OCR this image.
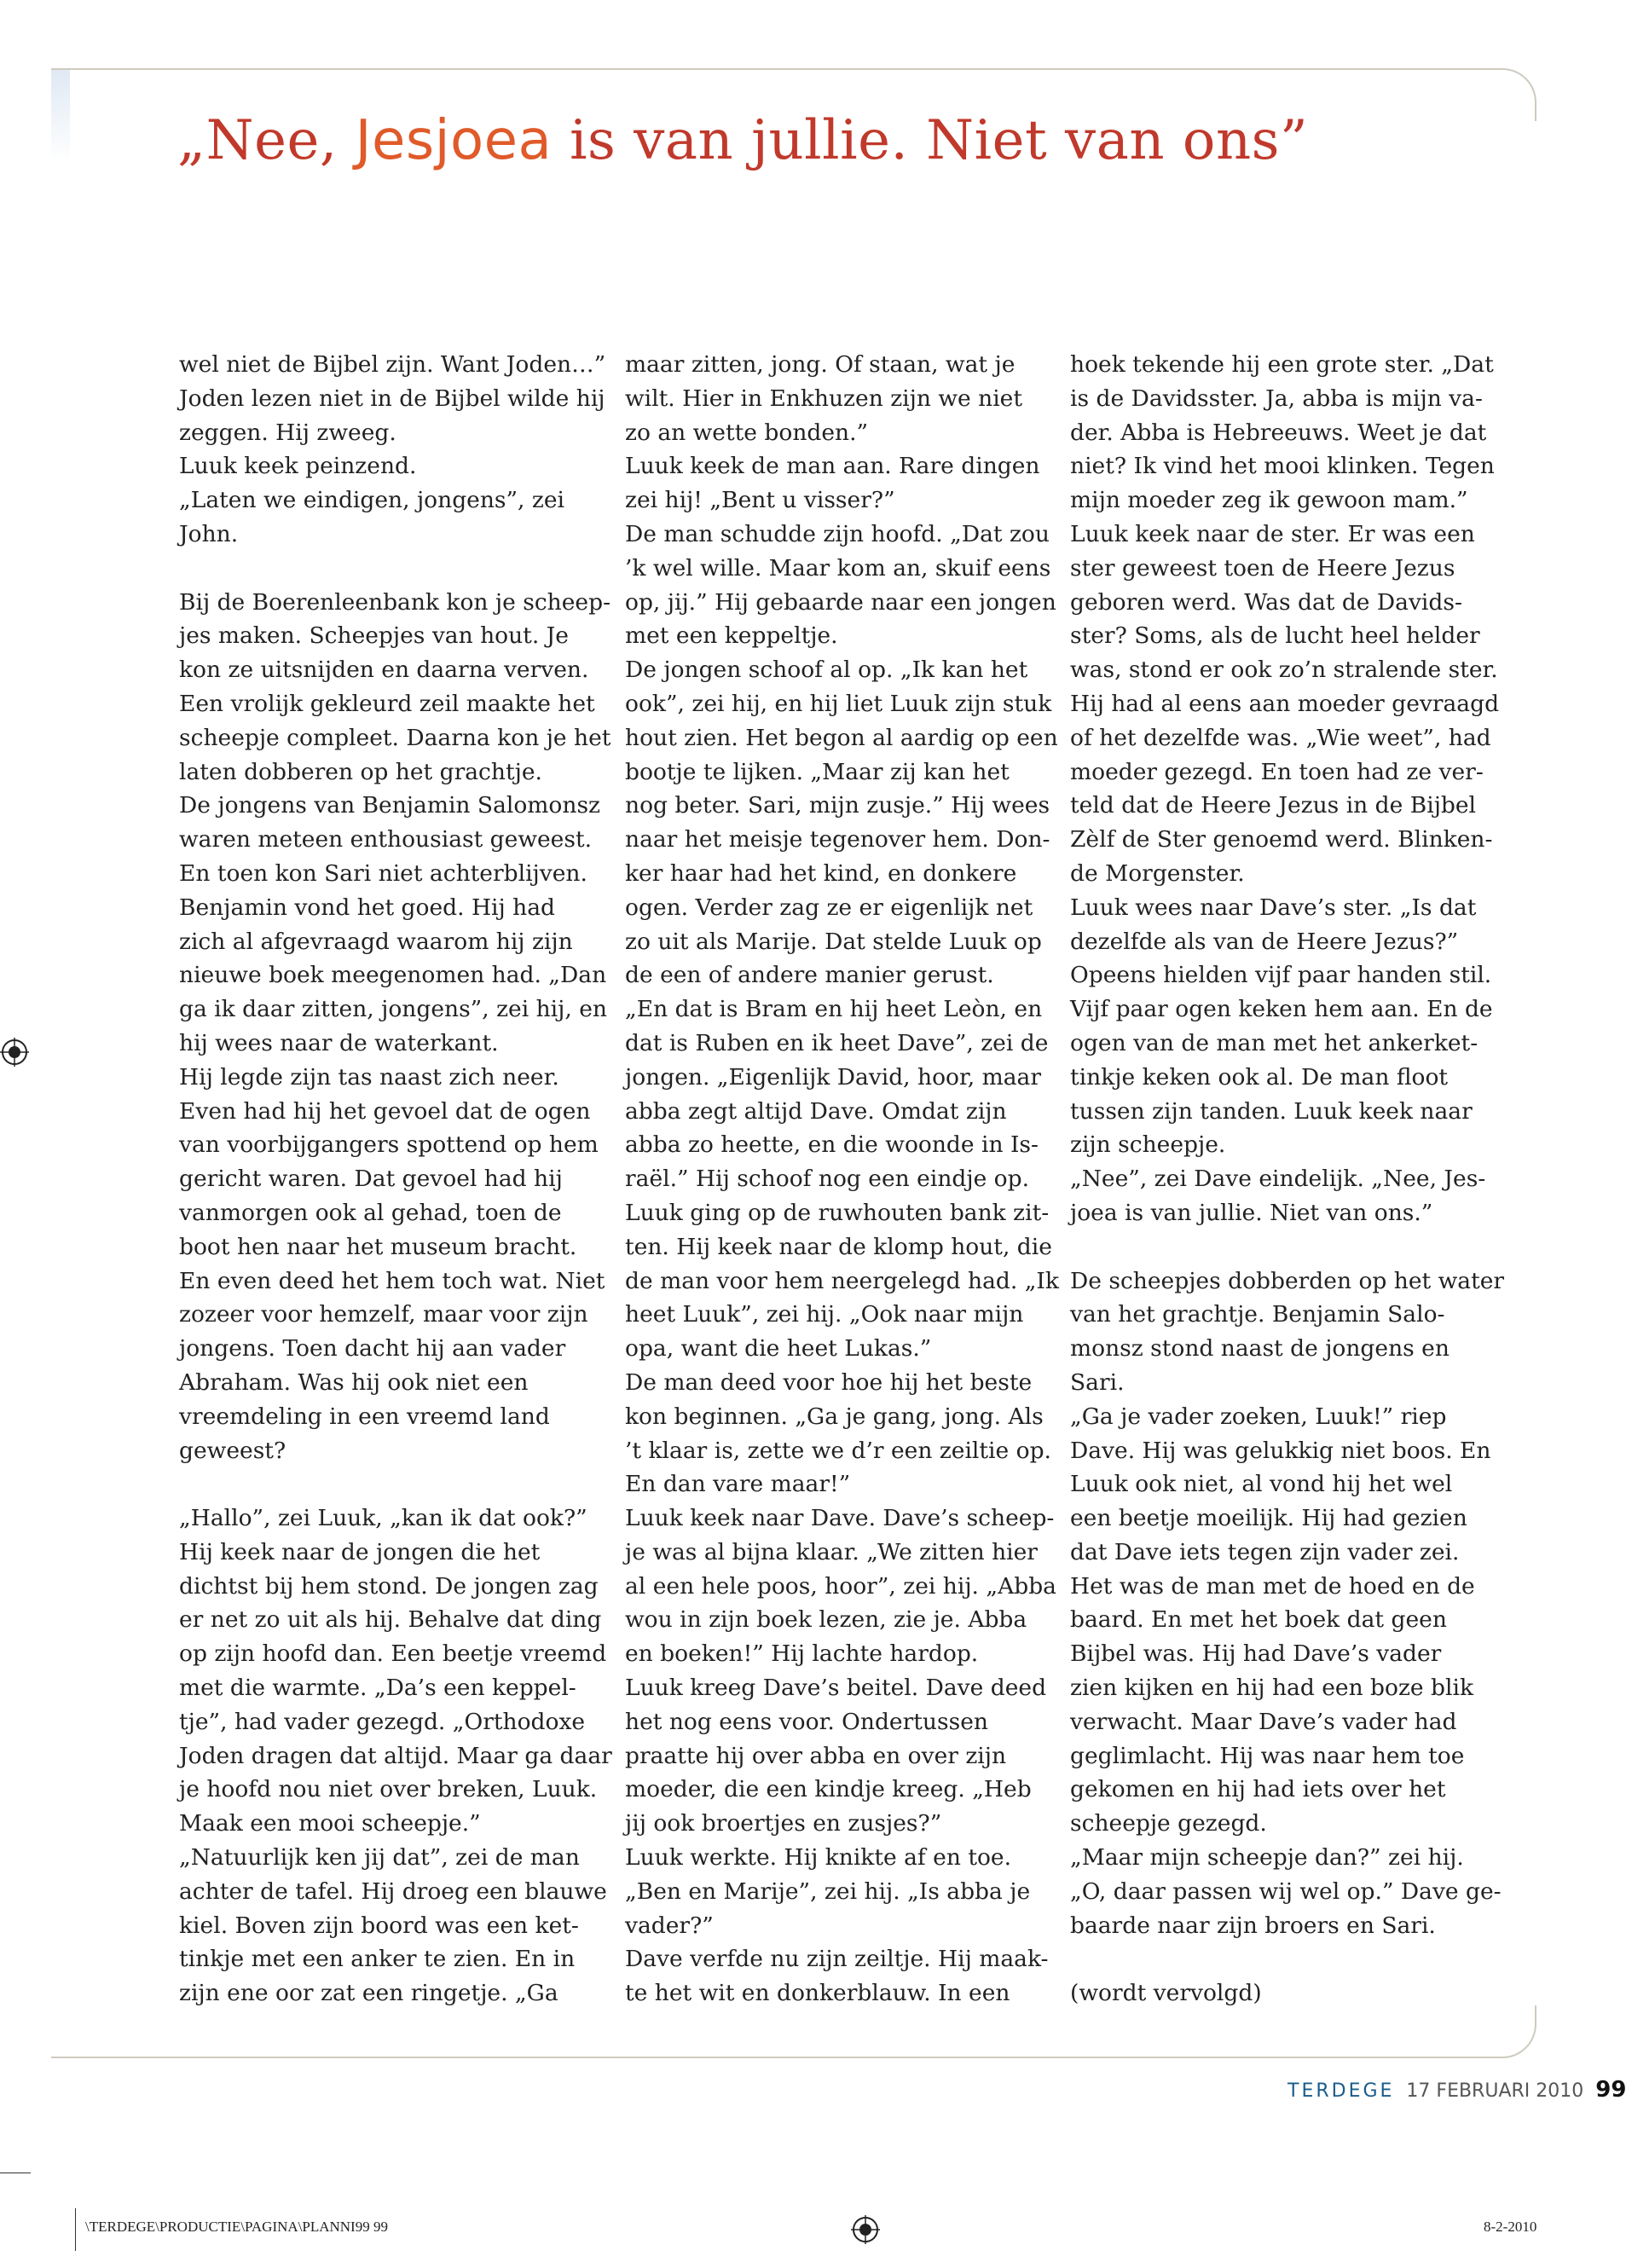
„Nee, Jesjoea is van jullie. Niet van ons”

wel niet de Bijbel zijn. Want Joden…”

Joden lezen niet in de Bijbel wilde hij

zeggen. Hij zweeg.

Luuk keek peinzend.

„Laten we eindigen, jongens”, zei

John.

Bij de Boerenleenbank kon je scheep-

jes maken. Scheepjes van hout. Je

kon ze uitsnijden en daarna verven.

Een vrolijk gekleurd zeil maakte het

scheepje compleet. Daarna kon je het

laten dobberen op het grachtje.

De jongens van Benjamin Salomonsz

waren meteen enthousiast geweest.

En toen kon Sari niet achterblijven.

Benjamin vond het goed. Hij had

zich al afgevraagd waarom hij zijn

nieuwe boek meegenomen had. „Dan

ga ik daar zitten, jongens”, zei hij, en

hij wees naar de waterkant.

Hij legde zijn tas naast zich neer.

Even had hij het gevoel dat de ogen

van voorbijgangers spottend op hem

gericht waren. Dat gevoel had hij

vanmorgen ook al gehad, toen de

boot hen naar het museum bracht.

En even deed het hem toch wat. Niet

zozeer voor hemzelf, maar voor zijn

jongens. Toen dacht hij aan vader

Abraham. Was hij ook niet een

vreemdeling in een vreemd land

geweest?

„Hallo”, zei Luuk, „kan ik dat ook?”

Hij keek naar de jongen die het

dichtst bij hem stond. De jongen zag

er net zo uit als hij. Behalve dat ding

op zijn hoofd dan. Een beetje vreemd

met die warmte. „Da’s een keppel-

tje”, had vader gezegd. „Orthodoxe

Joden dragen dat altijd. Maar ga daar

je hoofd nou niet over breken, Luuk.

Maak een mooi scheepje.”

„Natuurlijk ken jij dat”, zei de man

achter de tafel. Hij droeg een blauwe

kiel. Boven zijn boord was een ket-

tinkje met een anker te zien. En in

zijn ene oor zat een ringetje. „Ga

maar zitten, jong. Of staan, wat je

wilt. Hier in Enkhuzen zijn we niet

zo an wette bonden.”

Luuk keek de man aan. Rare dingen

zei hij! „Bent u visser?”

De man schudde zijn hoofd. „Dat zou

’k wel wille. Maar kom an, skuif eens

op, jij.” Hij gebaarde naar een jongen

met een keppeltje.

De jongen schoof al op. „Ik kan het

ook”, zei hij, en hij liet Luuk zijn stuk

hout zien. Het begon al aardig op een

bootje te lijken. „Maar zij kan het

nog beter. Sari, mijn zusje.” Hij wees

naar het meisje tegenover hem. Don-

ker haar had het kind, en donkere

ogen. Verder zag ze er eigenlijk net

zo uit als Marije. Dat stelde Luuk op

de een of andere manier gerust.

„En dat is Bram en hij heet Leòn, en

dat is Ruben en ik heet Dave”, zei de

jongen. „Eigenlijk David, hoor, maar

abba zegt altijd Dave. Omdat zijn

abba zo heette, en die woonde in Is-

raël.” Hij schoof nog een eindje op.

Luuk ging op de ruwhouten bank zit-

ten. Hij keek naar de klomp hout, die

de man voor hem neergelegd had. „Ik

heet Luuk”, zei hij. „Ook naar mijn

opa, want die heet Lukas.”

De man deed voor hoe hij het beste

kon beginnen. „Ga je gang, jong. Als

’t klaar is, zette we d’r een zeiltie op.

En dan vare maar!”

Luuk keek naar Dave. Dave’s scheep-

je was al bijna klaar. „We zitten hier

al een hele poos, hoor”, zei hij. „Abba

wou in zijn boek lezen, zie je. Abba

en boeken!” Hij lachte hardop.

Luuk kreeg Dave’s beitel. Dave deed

het nog eens voor. Ondertussen

praatte hij over abba en over zijn

moeder, die een kindje kreeg. „Heb

jij ook broertjes en zusjes?”

Luuk werkte. Hij knikte af en toe.

„Ben en Marije”, zei hij. „Is abba je

vader?”

Dave verfde nu zijn zeiltje. Hij maak-

te het wit en donkerblauw. In een

hoek tekende hij een grote ster. „Dat

is de Davidsster. Ja, abba is mijn va-

der. Abba is Hebreeuws. Weet je dat

niet? Ik vind het mooi klinken. Tegen

mijn moeder zeg ik gewoon mam.”

Luuk keek naar de ster. Er was een

ster geweest toen de Heere Jezus

geboren werd. Was dat de Davids-

ster? Soms, als de lucht heel helder

was, stond er ook zo’n stralende ster.

Hij had al eens aan moeder gevraagd

of het dezelfde was. „Wie weet”, had

moeder gezegd. En toen had ze ver-

teld dat de Heere Jezus in de Bijbel

Zèlf de Ster genoemd werd. Blinken-

de Morgenster.

Luuk wees naar Dave’s ster. „Is dat

dezelfde als van de Heere Jezus?”

Opeens hielden vijf paar handen stil.

Vijf paar ogen keken hem aan. En de

ogen van de man met het ankerket-

tinkje keken ook al. De man floot

tussen zijn tanden. Luuk keek naar

zijn scheepje.

„Nee”, zei Dave eindelijk. „Nee, Jes-

joea is van jullie. Niet van ons.”

De scheepjes dobberden op het water

van het grachtje. Benjamin Salo-

monsz stond naast de jongens en

Sari.

„Ga je vader zoeken, Luuk!” riep

Dave. Hij was gelukkig niet boos. En

Luuk ook niet, al vond hij het wel

een beetje moeilijk. Hij had gezien

dat Dave iets tegen zijn vader zei.

Het was de man met de hoed en de

baard. En met het boek dat geen

Bijbel was. Hij had Dave’s vader

zien kijken en hij had een boze blik

verwacht. Maar Dave’s vader had

geglimlacht. Hij was naar hem toe

gekomen en hij had iets over het

scheepje gezegd.

„Maar mijn scheepje dan?” zei hij.

„O, daar passen wij wel op.” Dave ge-

baarde naar zijn broers en Sari.

(wordt vervolgd)

TERDEGE 17 FEBRUARI 2010 99
\TERDEGE\PRODUCTIE\PAGINA\PLANNI99 99	8-2-2010
